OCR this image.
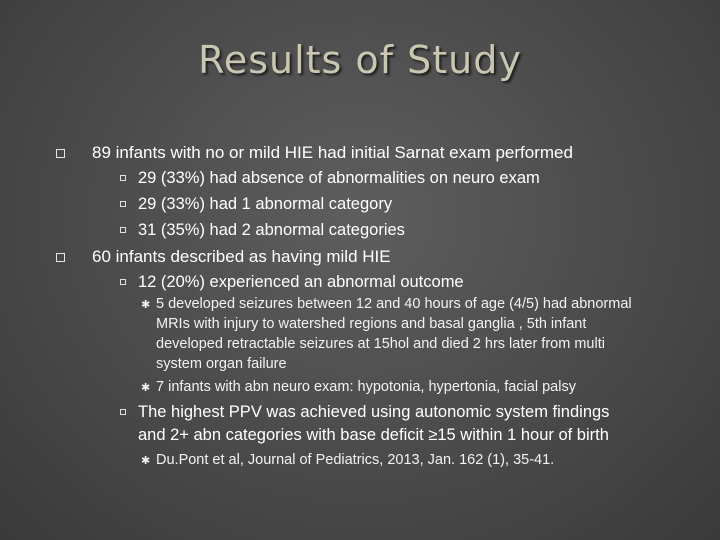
Results of Study
89 infants with no or mild HIE had initial Sarnat exam performed
29 (33%) had absence of abnormalities on neuro exam
29 (33%) had 1 abnormal category
31 (35%) had 2 abnormal categories
60 infants described as having mild HIE
12 (20%) experienced an abnormal outcome
✱ 5 developed seizures between 12 and 40 hours of age (4/5) had abnormal
MRIs with injury to watershed regions and basal ganglia , 5th infant
developed retractable seizures at 15hol and died 2 hrs later from multi
system organ failure
✱ 7 infants with abn neuro exam: hypotonia, hypertonia, facial palsy
The highest PPV was achieved using autonomic system findings
and 2+ abn categories with base deficit ≥15 within 1 hour of birth
✱ Du.Pont et al, Journal of Pediatrics, 2013, Jan. 162 (1), 35-41.
